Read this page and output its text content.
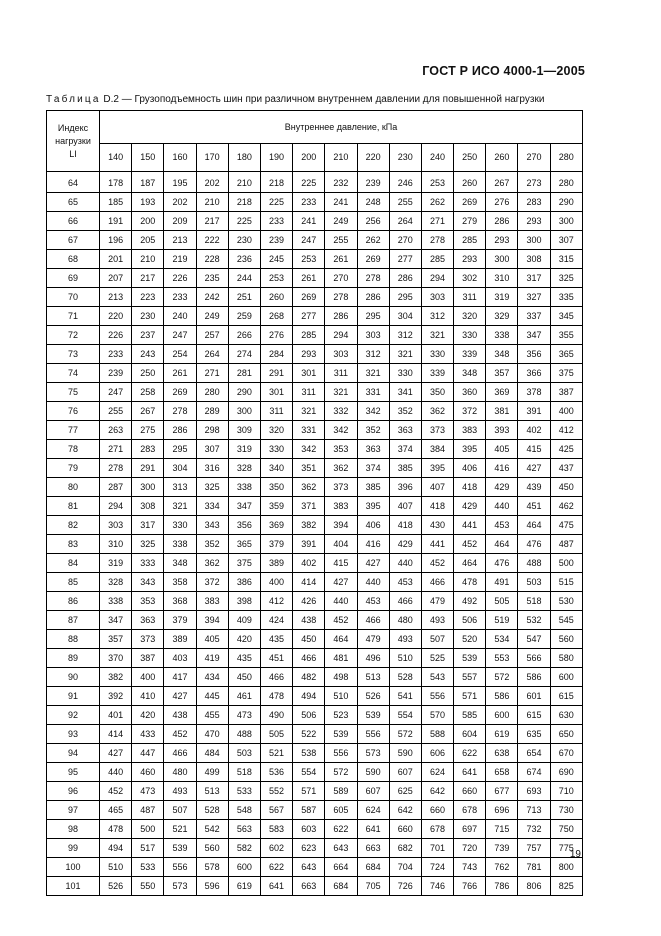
ГОСТ Р ИСО 4000-1—2005
Таблица D.2 — Грузоподъемность шин при различном внутреннем давлении для повышенной нагрузки
Индекс
нагрузки
LI	Внутреннее давление, кПа														
	140	150	160	170	180	190	200	210	220	230	240	250	260	270	280
64	178	187	195	202	210	218	225	232	239	246	253	260	267	273	280
65	185	193	202	210	218	225	233	241	248	255	262	269	276	283	290
66	191	200	209	217	225	233	241	249	256	264	271	279	286	293	300
67	196	205	213	222	230	239	247	255	262	270	278	285	293	300	307
68	201	210	219	228	236	245	253	261	269	277	285	293	300	308	315
69	207	217	226	235	244	253	261	270	278	286	294	302	310	317	325
70	213	223	233	242	251	260	269	278	286	295	303	311	319	327	335
71	220	230	240	249	259	268	277	286	295	304	312	320	329	337	345
72	226	237	247	257	266	276	285	294	303	312	321	330	338	347	355
73	233	243	254	264	274	284	293	303	312	321	330	339	348	356	365
74	239	250	261	271	281	291	301	311	321	330	339	348	357	366	375
75	247	258	269	280	290	301	311	321	331	341	350	360	369	378	387
76	255	267	278	289	300	311	321	332	342	352	362	372	381	391	400
77	263	275	286	298	309	320	331	342	352	363	373	383	393	402	412
78	271	283	295	307	319	330	342	353	363	374	384	395	405	415	425
79	278	291	304	316	328	340	351	362	374	385	395	406	416	427	437
80	287	300	313	325	338	350	362	373	385	396	407	418	429	439	450
81	294	308	321	334	347	359	371	383	395	407	418	429	440	451	462
82	303	317	330	343	356	369	382	394	406	418	430	441	453	464	475
83	310	325	338	352	365	379	391	404	416	429	441	452	464	476	487
84	319	333	348	362	375	389	402	415	427	440	452	464	476	488	500
85	328	343	358	372	386	400	414	427	440	453	466	478	491	503	515
86	338	353	368	383	398	412	426	440	453	466	479	492	505	518	530
87	347	363	379	394	409	424	438	452	466	480	493	506	519	532	545
88	357	373	389	405	420	435	450	464	479	493	507	520	534	547	560
89	370	387	403	419	435	451	466	481	496	510	525	539	553	566	580
90	382	400	417	434	450	466	482	498	513	528	543	557	572	586	600
91	392	410	427	445	461	478	494	510	526	541	556	571	586	601	615
92	401	420	438	455	473	490	506	523	539	554	570	585	600	615	630
93	414	433	452	470	488	505	522	539	556	572	588	604	619	635	650
94	427	447	466	484	503	521	538	556	573	590	606	622	638	654	670
95	440	460	480	499	518	536	554	572	590	607	624	641	658	674	690
96	452	473	493	513	533	552	571	589	607	625	642	660	677	693	710
97	465	487	507	528	548	567	587	605	624	642	660	678	696	713	730
98	478	500	521	542	563	583	603	622	641	660	678	697	715	732	750
99	494	517	539	560	582	602	623	643	663	682	701	720	739	757	775
100	510	533	556	578	600	622	643	664	684	704	724	743	762	781	800
101	526	550	573	596	619	641	663	684	705	726	746	766	786	806	825
19
